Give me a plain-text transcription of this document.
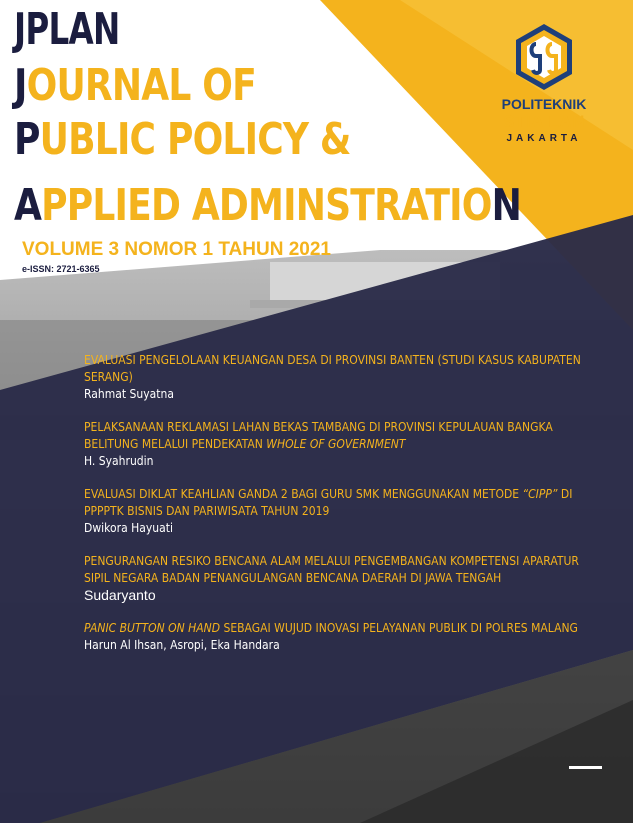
JPLAN

JOURNAL OF

PUBLIC POLICY &

APPLIED ADMINSTRATION

VOLUME 3 NOMOR 1 TAHUN 2021

e-ISSN: 2721-6365
POLITEKNIK
STIA LAN
JAKARTA
EVALUASI PENGELOLAAN KEUANGAN DESA DI PROVINSI BANTEN (STUDI KASUS KABUPATEN SERANG)
Rahmat Suyatna
PELAKSANAAN REKLAMASI LAHAN BEKAS TAMBANG DI PROVINSI KEPULAUAN BANGKA BELITUNG MELALUI PENDEKATAN WHOLE OF GOVERNMENT
H. Syahrudin
EVALUASI DIKLAT KEAHLIAN GANDA 2 BAGI GURU SMK MENGGUNAKAN METODE “CIPP” DI PPPPTK BISNIS DAN PARIWISATA TAHUN 2019
Dwikora Hayuati
PENGURANGAN RESIKO BENCANA ALAM MELALUI PENGEMBANGAN KOMPETENSI APARATUR SIPIL NEGARA BADAN PENANGULANGAN BENCANA DAERAH DI JAWA TENGAH
Sudaryanto
PANIC BUTTON ON HAND SEBAGAI WUJUD INOVASI PELAYANAN PUBLIK DI POLRES MALANG
Harun Al Ihsan, Asropi, Eka Handara
